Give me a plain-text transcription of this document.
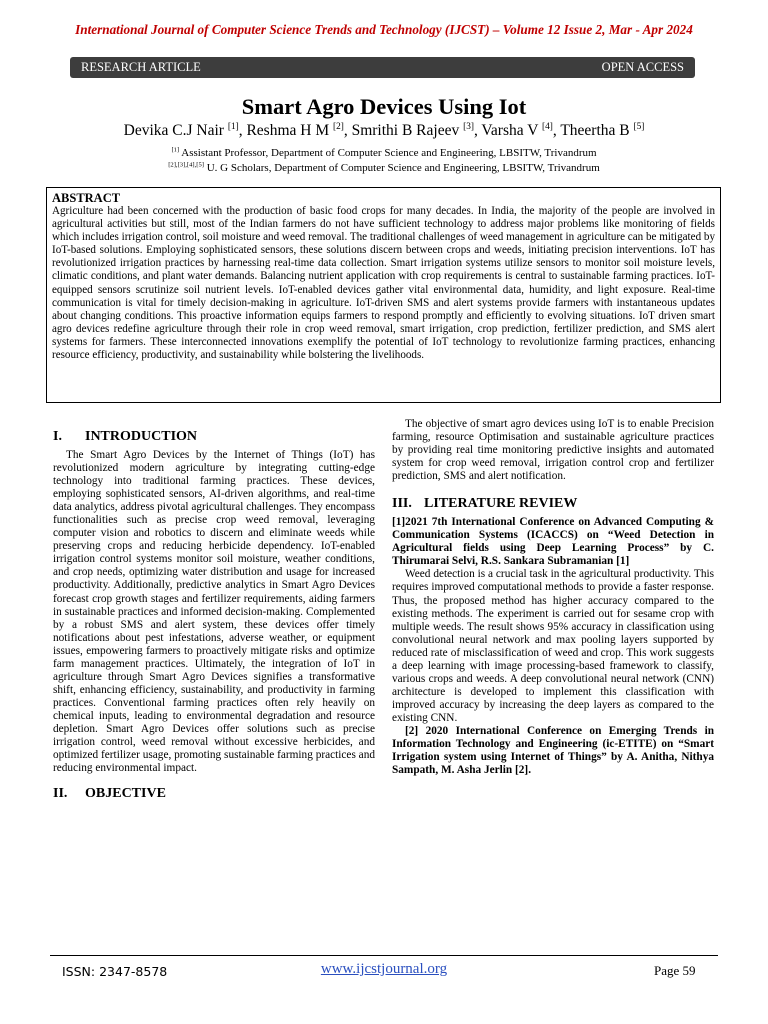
International Journal of Computer Science Trends and Technology (IJCST) – Volume 12 Issue 2, Mar - Apr 2024
RESEARCH ARTICLE	OPEN ACCESS
Smart Agro Devices Using Iot
Devika C.J Nair [1], Reshma H M [2], Smrithi B Rajeev [3], Varsha V [4], Theertha B [5]
[1] Assistant Professor, Department of Computer Science and Engineering, LBSITW, Trivandrum
[2],[3],[4],[5] U. G Scholars, Department of Computer Science and Engineering, LBSITW, Trivandrum
ABSTRACT
Agriculture had been concerned with the production of basic food crops for many decades. In India, the majority of the people are involved in agricultural activities but still, most of the Indian farmers do not have sufficient technology to address major problems like monitoring of fields which includes irrigation control, soil moisture and weed removal. The traditional challenges of weed management in agriculture can be mitigated by IoT-based solutions. Employing sophisticated sensors, these solutions discern between crops and weeds, initiating precision interventions. IoT has revolutionized irrigation practices by harnessing real-time data collection. Smart irrigation systems utilize sensors to monitor soil moisture levels, climatic conditions, and plant water demands. Balancing nutrient application with crop requirements is central to sustainable farming practices. IoT-equipped sensors scrutinize soil nutrient levels. IoT-enabled devices gather vital environmental data, humidity, and light exposure. Real-time communication is vital for timely decision-making in agriculture. IoT-driven SMS and alert systems provide farmers with instantaneous updates about changing conditions. This proactive information equips farmers to respond promptly and efficiently to evolving situations. IoT driven smart agro devices redefine agriculture through their role in crop weed removal, smart irrigation, crop prediction, fertilizer prediction, and SMS alert systems for farmers. These interconnected innovations exemplify the potential of IoT technology to revolutionize farming practices, enhancing resource efficiency, productivity, and sustainability while bolstering the livelihoods.
I. INTRODUCTION

The Smart Agro Devices by the Internet of Things (IoT) has revolutionized modern agriculture by integrating cutting-edge technology into traditional farming practices. These devices, employing sophisticated sensors, AI-driven algorithms, and real-time data analytics, address pivotal agricultural challenges. They encompass functionalities such as precise crop weed removal, leveraging computer vision and robotics to discern and eliminate weeds while preserving crops and reducing herbicide dependency. IoT-enabled irrigation control systems monitor soil moisture, weather conditions, and crop needs, optimizing water distribution and usage for increased productivity. Additionally, predictive analytics in Smart Agro Devices forecast crop growth stages and fertilizer requirements, aiding farmers in sustainable practices and informed decision-making. Complemented by a robust SMS and alert system, these devices offer timely notifications about pest infestations, adverse weather, or equipment issues, empowering farmers to proactively mitigate risks and optimize farm management practices. Ultimately, the integration of IoT in agriculture through Smart Agro Devices signifies a transformative shift, enhancing efficiency, sustainability, and productivity in farming practices. Conventional farming practices often rely heavily on chemical inputs, leading to environmental degradation and resource depletion. Smart Agro Devices offer solutions such as precise irrigation control, weed removal without excessive herbicides, and optimized fertilizer usage, promoting sustainable farming practices and reducing environmental impact.

II. OBJECTIVE

The objective of smart agro devices using IoT is to enable Precision farming, resource Optimisation and sustainable agriculture practices by providing real time monitoring predictive insights and automated system for crop weed removal, irrigation control crop and fertilizer prediction, SMS and alert notification.

III. LITERATURE REVIEW

[1]2021 7th International Conference on Advanced Computing & Communication Systems (ICACCS) on “Weed Detection in Agricultural fields using Deep Learning Process” by C. Thirumarai Selvi, R.S. Sankara Subramanian [1]

Weed detection is a crucial task in the agricultural productivity. This requires improved computational methods to provide a faster response. Thus, the proposed method has higher accuracy compared to the existing methods. The experiment is carried out for sesame crop with multiple weeds. The result shows 95% accuracy in classification using convolutional neural network and max pooling layers supported by reduced rate of misclassification of weed and crop. This work suggests a deep learning with image processing-based framework to classify, various crops and weeds. A deep convolutional neural network (CNN) architecture is developed to implement this classification with improved accuracy by increasing the deep layers as compared to the existing CNN.

[2] 2020 International Conference on Emerging Trends in Information Technology and Engineering (ic-ETITE) on “Smart Irrigation system using Internet of Things” by A. Anitha, Nithya Sampath, M. Asha Jerlin [2].

ISSN: 2347-8578	www.ijcstjournal.org	Page 59
